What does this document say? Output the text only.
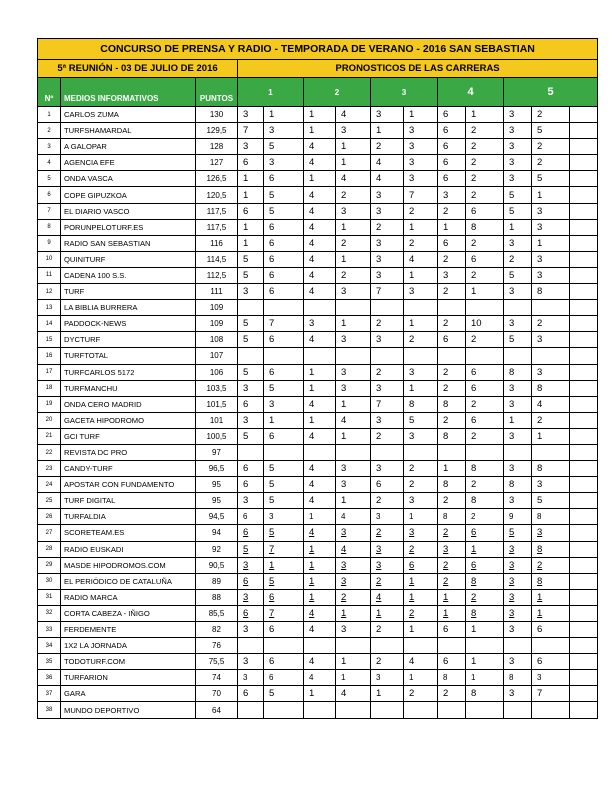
CONCURSO DE PRENSA Y RADIO - TEMPORADA DE VERANO - 2016 SAN SEBASTIAN													
5ª REUNIÓN - 03 DE JULIO DE 2016			PRONOSTICOS DE LAS CARRERAS										
Nº	MEDIOS INFORMATIVOS	PUNTOS	1		2		3		4		5		
1	CARLOS ZUMA	130	3	1	1	4	3	1	6	1	3	2	
2	TURFSHAMARDAL	129,5	7	3	1	3	1	3	6	2	3	5	
3	A GALOPAR	128	3	5	4	1	2	3	6	2	3	2	
4	AGENCIA EFE	127	6	3	4	1	4	3	6	2	3	2	
5	ONDA VASCA	126,5	1	6	1	4	4	3	6	2	3	5	
6	COPE GIPUZKOA	120,5	1	5	4	2	3	7	3	2	5	1	
7	EL DIARIO VASCO	117,5	6	5	4	3	3	2	2	6	5	3	
8	PORUNPELOTURF.ES	117,5	1	6	4	1	2	1	1	8	1	3	
9	RADIO SAN SEBASTIAN	116	1	6	4	2	3	2	6	2	3	1	
10	QUINITURF	114,5	5	6	4	1	3	4	2	6	2	3	
11	CADENA 100 S.S.	112,5	5	6	4	2	3	1	3	2	5	3	
12	TURF	111	3	6	4	3	7	3	2	1	3	8	
13	LA BIBLIA BURRERA	109											
14	PADDOCK-NEWS	109	5	7	3	1	2	1	2	10	3	2	
15	DYCTURF	108	5	6	4	3	3	2	6	2	5	3	
16	TURFTOTAL	107											
17	TURFCARLOS 5172	106	5	6	1	3	2	3	2	6	8	3	
18	TURFMANCHU	103,5	3	5	1	3	3	1	2	6	3	8	
19	ONDA CERO MADRID	101,5	6	3	4	1	7	8	8	2	3	4	
20	GACETA HIPODROMO	101	3	1	1	4	3	5	2	6	1	2	
21	GCI TURF	100,5	5	6	4	1	2	3	8	2	3	1	
22	REVISTA DC PRO	97											
23	CANDY-TURF	96,5	6	5	4	3	3	2	1	8	3	8	
24	APOSTAR CON FUNDAMENTO	95	6	5	4	3	6	2	8	2	8	3	
25	TURF DIGITAL	95	3	5	4	1	2	3	2	8	3	5	
26	TURFALDIA	94,5	6	3	1	4	3	1	8	2	9	8	
27	SCORETEAM.ES	94	6	5	4	3	2	3	2	6	5	3	
28	RADIO EUSKADI	92	5	7	1	4	3	2	3	1	3	8	
29	MASDE HIPODROMOS.COM	90,5	3	1	1	3	3	6	2	6	3	2	
30	EL PERIÓDICO DE CATALUÑA	89	6	5	1	3	2	1	2	8	3	8	
31	RADIO MARCA	88	3	6	1	2	4	1	1	2	3	1	
32	CORTA CABEZA - IÑIGO	85,5	6	7	4	1	1	2	1	8	3	1	
33	FERDEMENTE	82	3	6	4	3	2	1	6	1	3	6	
34	1X2 LA JORNADA	76											
35	TODOTURF.COM	75,5	3	6	4	1	2	4	6	1	3	6	
36	TURFARION	74	3	6	4	1	3	1	8	1	8	3	
37	GARA	70	6	5	1	4	1	2	2	8	3	7	
38	MUNDO DEPORTIVO	64											
